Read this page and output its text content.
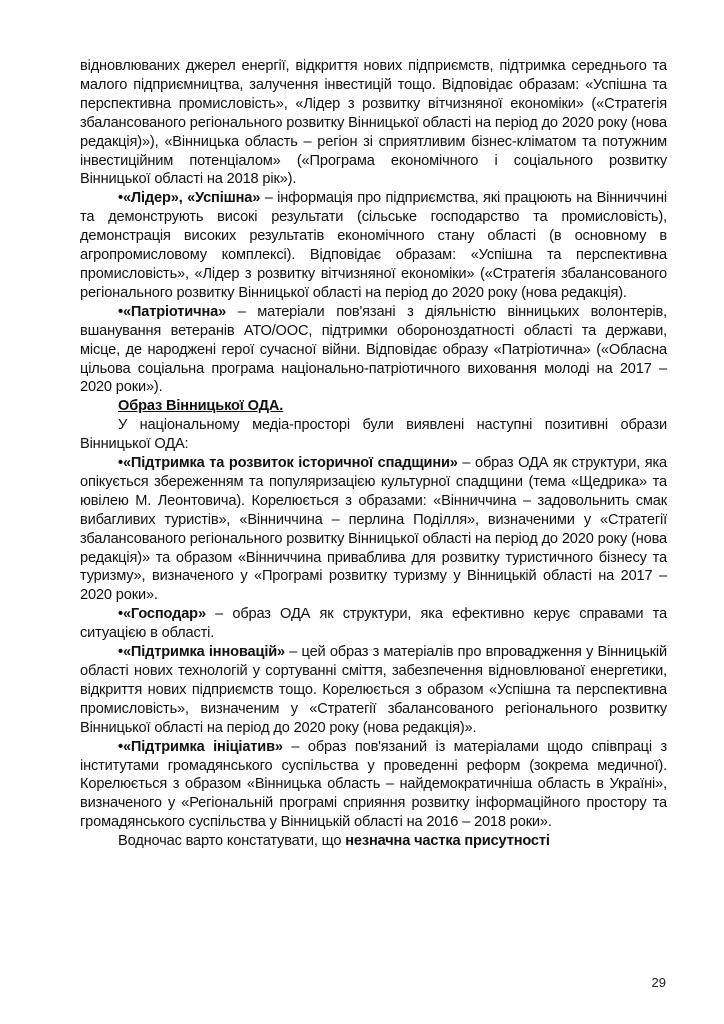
відновлюваних джерел енергії, відкриття нових підприємств, підтримка середнього та малого підприємництва, залучення інвестицій тощо. Відповідає образам: «Успішна та перспективна промисловість», «Лідер з розвитку вітчизняної економіки» («Стратегія збалансованого регіонального розвитку Вінницької області на період до 2020 року (нова редакція)»), «Вінницька область – регіон зі сприятливим бізнес-кліматом та потужним інвестиційним потенціалом» («Програма економічного і соціального розвитку Вінницької області на 2018 рік»).

•«Лідер», «Успішна» – інформація про підприємства, які працюють на Вінниччині та демонструють високі результати (сільське господарство та промисловість), демонстрація високих результатів економічного стану області (в основному в агропромисловому комплексі). Відповідає образам: «Успішна та перспективна промисловість», «Лідер з розвитку вітчизняної економіки» («Стратегія збалансованого регіонального розвитку Вінницької області на період до 2020 року (нова редакція).

•«Патріотична» – матеріали пов'язані з діяльністю вінницьких волонтерів, вшанування ветеранів АТО/ООС, підтримки обороноздатності області та держави, місце, де народжені герої сучасної війни. Відповідає образу «Патріотична» («Обласна цільова соціальна програма національно-патріотичного виховання молоді на 2017 – 2020 роки»).

Образ Вінницької ОДА.

У національному медіа-просторі були виявлені наступні позитивні образи Вінницької ОДА:

•«Підтримка та розвиток історичної спадщини» – образ ОДА як структури, яка опікується збереженням та популяризацією культурної спадщини (тема «Щедрика» та ювілею М. Леонтовича). Корелюється з образами: «Вінниччина – задовольнить смак вибагливих туристів», «Вінниччина – перлина Поділля», визначеними у «Стратегії збалансованого регіонального розвитку Вінницької області на період до 2020 року (нова редакція)» та образом «Вінниччина приваблива для розвитку туристичного бізнесу та туризму», визначеного у «Програмі розвитку туризму у Вінницькій області на 2017 – 2020 роки».

•«Господар» – образ ОДА як структури, яка ефективно керує справами та ситуацією в області.

•«Підтримка інновацій» – цей образ з матеріалів про впровадження у Вінницькій області нових технологій у сортуванні сміття, забезпечення відновлюваної енергетики, відкриття нових підприємств тощо. Корелюється з образом «Успішна та перспективна промисловість», визначеним у «Стратегії збалансованого регіонального розвитку Вінницької області на період до 2020 року (нова редакція)».

•«Підтримка ініціатив» – образ пов'язаний із матеріалами щодо співпраці з інститутами громадянського суспільства у проведенні реформ (зокрема медичної). Корелюється з образом «Вінницька область – найдемократичніша область в Україні», визначеного у «Регіональній програмі сприяння розвитку інформаційного простору та громадянського суспільства у Вінницькій області на 2016 – 2018 роки».

Водночас варто констатувати, що незначна частка присутності

29
